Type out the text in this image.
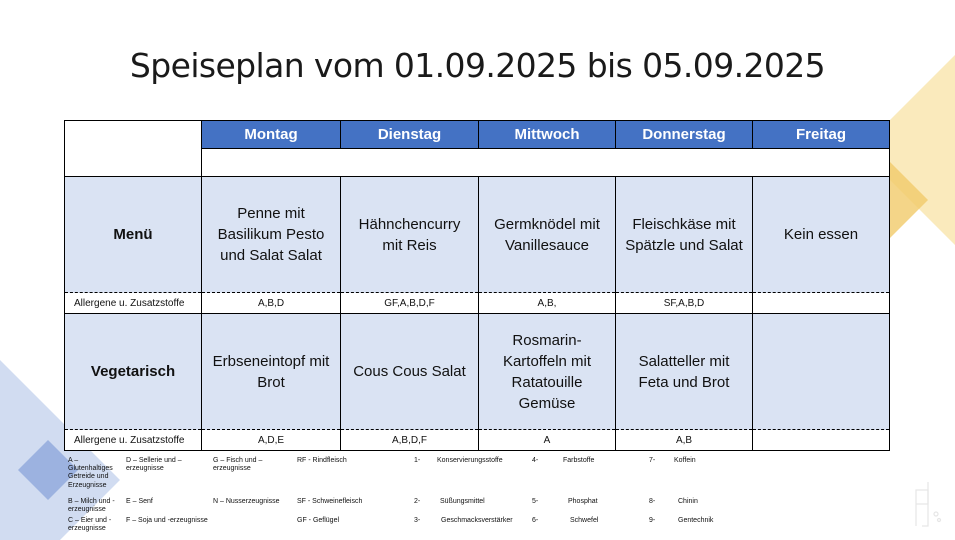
Speiseplan vom 01.09.2025 bis 05.09.2025
	Montag	Dienstag	Mittwoch	Donnerstag	Freitag

Menü	Penne mit Basilikum Pesto und Salat Salat	Hähnchencurry mit Reis	Germknödel mit Vanillesauce	Fleischkäse mit Spätzle und Salat	Kein essen
Allergene u. Zusatzstoffe	A,B,D	GF,A,B,D,F	A,B,	SF,A,B,D	
Vegetarisch	Erbseneintopf mit Brot	Cous Cous Salat	Rosmarin-Kartoffeln mit Ratatouille Gemüse	Salatteller mit Feta und Brot	
Allergene u. Zusatzstoffe	A,D,E	A,B,D,F	A	A,B	
A – Glutenhaltiges Getreide und Erzeugnisse
B – Milch und -erzeugnisse
C – Eier und -erzeugnisse
D – Sellerie und –erzeugnisse
E – Senf
F – Soja und -erzeugnisse
G – Fisch und –erzeugnisse
N – Nusserzeugnisse
RF - Rindfleisch
SF - Schweinefleisch
GF - Geflügel
1- Konservierungsstoffe
2-	Süßungsmittel
3-	Geschmacksverstärker
4-	Farbstoffe
5-	Phosphat
6-	Schwefel
7-	Koffein
8-	Chinin
9-	Gentechnik
